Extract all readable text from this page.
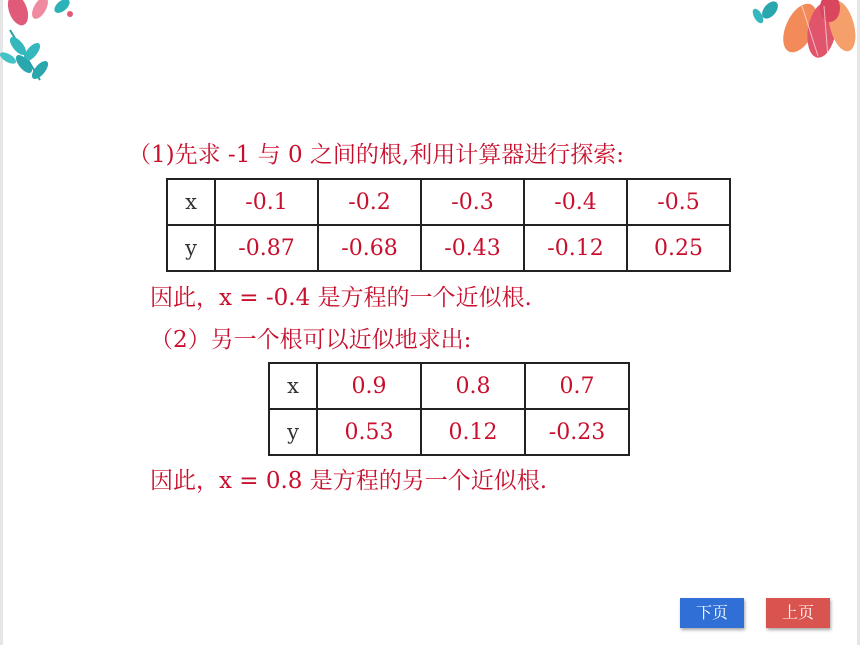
（1)先求 -1 与 0 之间的根,利用计算器进行探索:
x	-0.1	-0.2	-0.3	-0.4	-0.5
y	-0.87	-0.68	-0.43	-0.12	0.25
因此，x = -0.4 是方程的一个近似根.
（2）另一个根可以近似地求出:
x	0.9	0.8	0.7
y	0.53	0.12	-0.23
因此，x = 0.8 是方程的另一个近似根.
下页	上页
